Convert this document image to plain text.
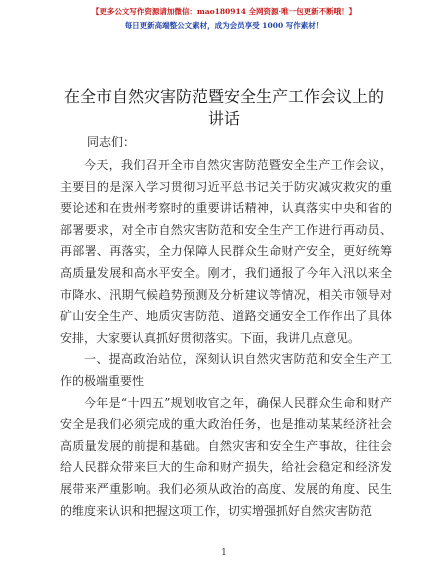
【更多公文写作资源请加微信：mao180914 全网资源·唯一包更新不断哦！】
每日更新高端整公文素材，成为会员享受 1000 写作素材！
在全市自然灾害防范暨安全生产工作会议上的讲话
同志们：

今天，我们召开全市自然灾害防范暨安全生产工作会议，主要目的是深入学习贯彻习近平总书记关于防灾减灾救灾的重要论述和在贵州考察时的重要讲话精神，认真落实中央和省的部署要求，对全市自然灾害防范和安全生产工作进行再动员、再部署、再落实，全力保障人民群众生命财产安全，更好统筹高质量发展和高水平安全。刚才，我们通报了今年入汛以来全市降水、汛期气候趋势预测及分析建议等情况，相关市领导对矿山安全生产、地质灾害防范、道路交通安全工作作出了具体安排，大家要认真抓好贯彻落实。下面，我讲几点意见。

一、提高政治站位，深刻认识自然灾害防范和安全生产工作的极端重要性

今年是“十四五”规划收官之年，确保人民群众生命和财产安全是我们必须完成的重大政治任务，也是推动某某经济社会高质量发展的前提和基础。自然灾害和安全生产事故，往往会给人民群众带来巨大的生命和财产损失，给社会稳定和经济发展带来严重影响。我们必须从政治的高度、发展的角度、民生的维度来认识和把握这项工作，切实增强抓好自然灾害防范

1
